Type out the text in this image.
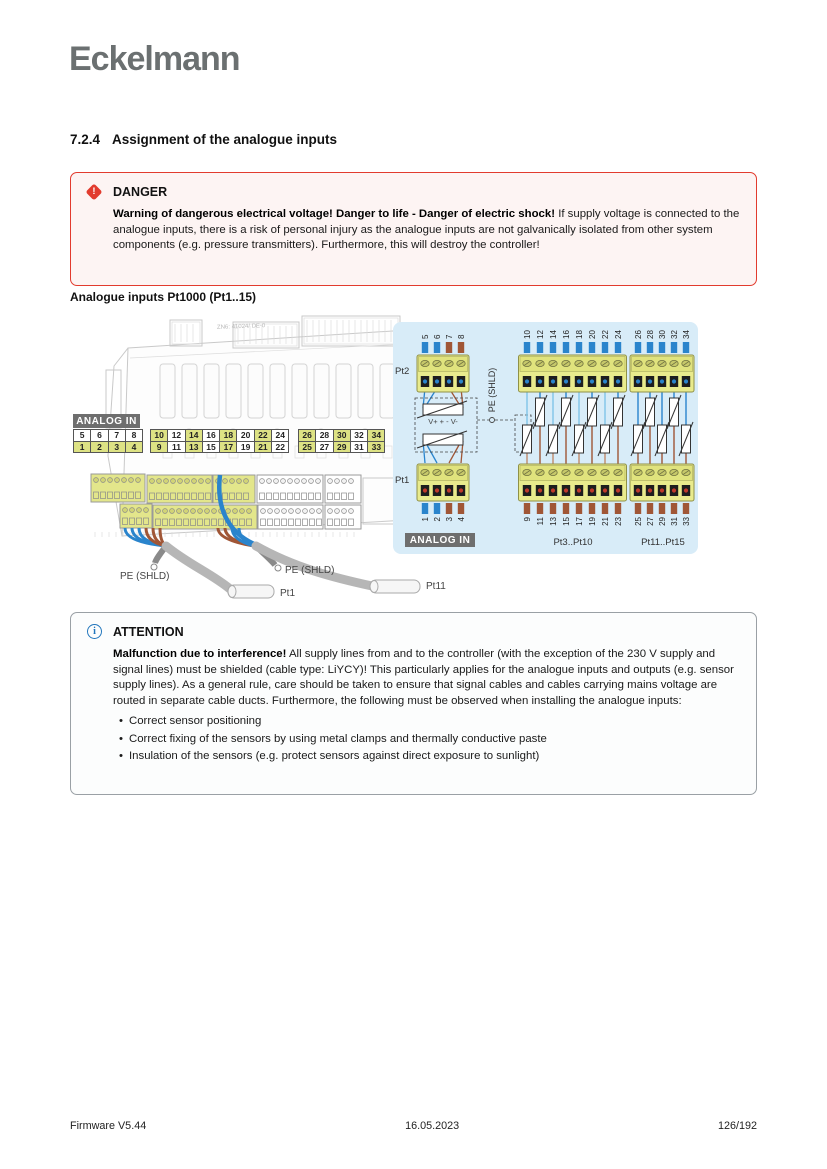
Eckelmann
7.2.4 Assignment of the analogue inputs
!	DANGER
Warning of dangerous electrical voltage! Danger to life - Danger of electric shock! If supply voltage is connected to the analogue inputs, there is a risk of personal injury as the analogue inputs are not galvanically isolated from other system components (e.g. pressure transmitters). Furthermore, this will destroy the controller!
Analogue inputs Pt1000 (Pt1..15)
ZN6: 41024/ DE-0
ANALOG IN
5	6	7	8
1	2	3	4
10 12 14 16 18 20 22 24
9	11 13 15 17 19 21 22
26 28 30 32 34
25 27 29 31 33
5 6 7 8
1 2 3 4
10 12 14 16 18 20 22 24
9 11 13 15 17 19 21 23
26 28 30 32 34
25 27 29 31 33
Pt2
Pt1
V+ + - V-
PE (SHLD)
ANALOG IN	Pt3..Pt10	Pt11..Pt15
PE (SHLD)
PE (SHLD)
Pt1
Pt11
i	ATTENTION
Malfunction due to interference! All supply lines from and to the controller (with the exception of the 230 V supply and signal lines) must be shielded (cable type: LiYCY)! This particularly applies for the analogue inputs and outputs (e.g. sensor supply lines). As a general rule, care should be taken to ensure that signal cables and cables carrying mains voltage are routed in separate cable ducts. Furthermore, the following must be observed when installing the analogue inputs:
• Correct sensor positioning
• Correct fixing of the sensors by using metal clamps and thermally conductive paste
• Insulation of the sensors (e.g. protect sensors against direct exposure to sunlight)
Firmware V5.44	16.05.2023	126/192
